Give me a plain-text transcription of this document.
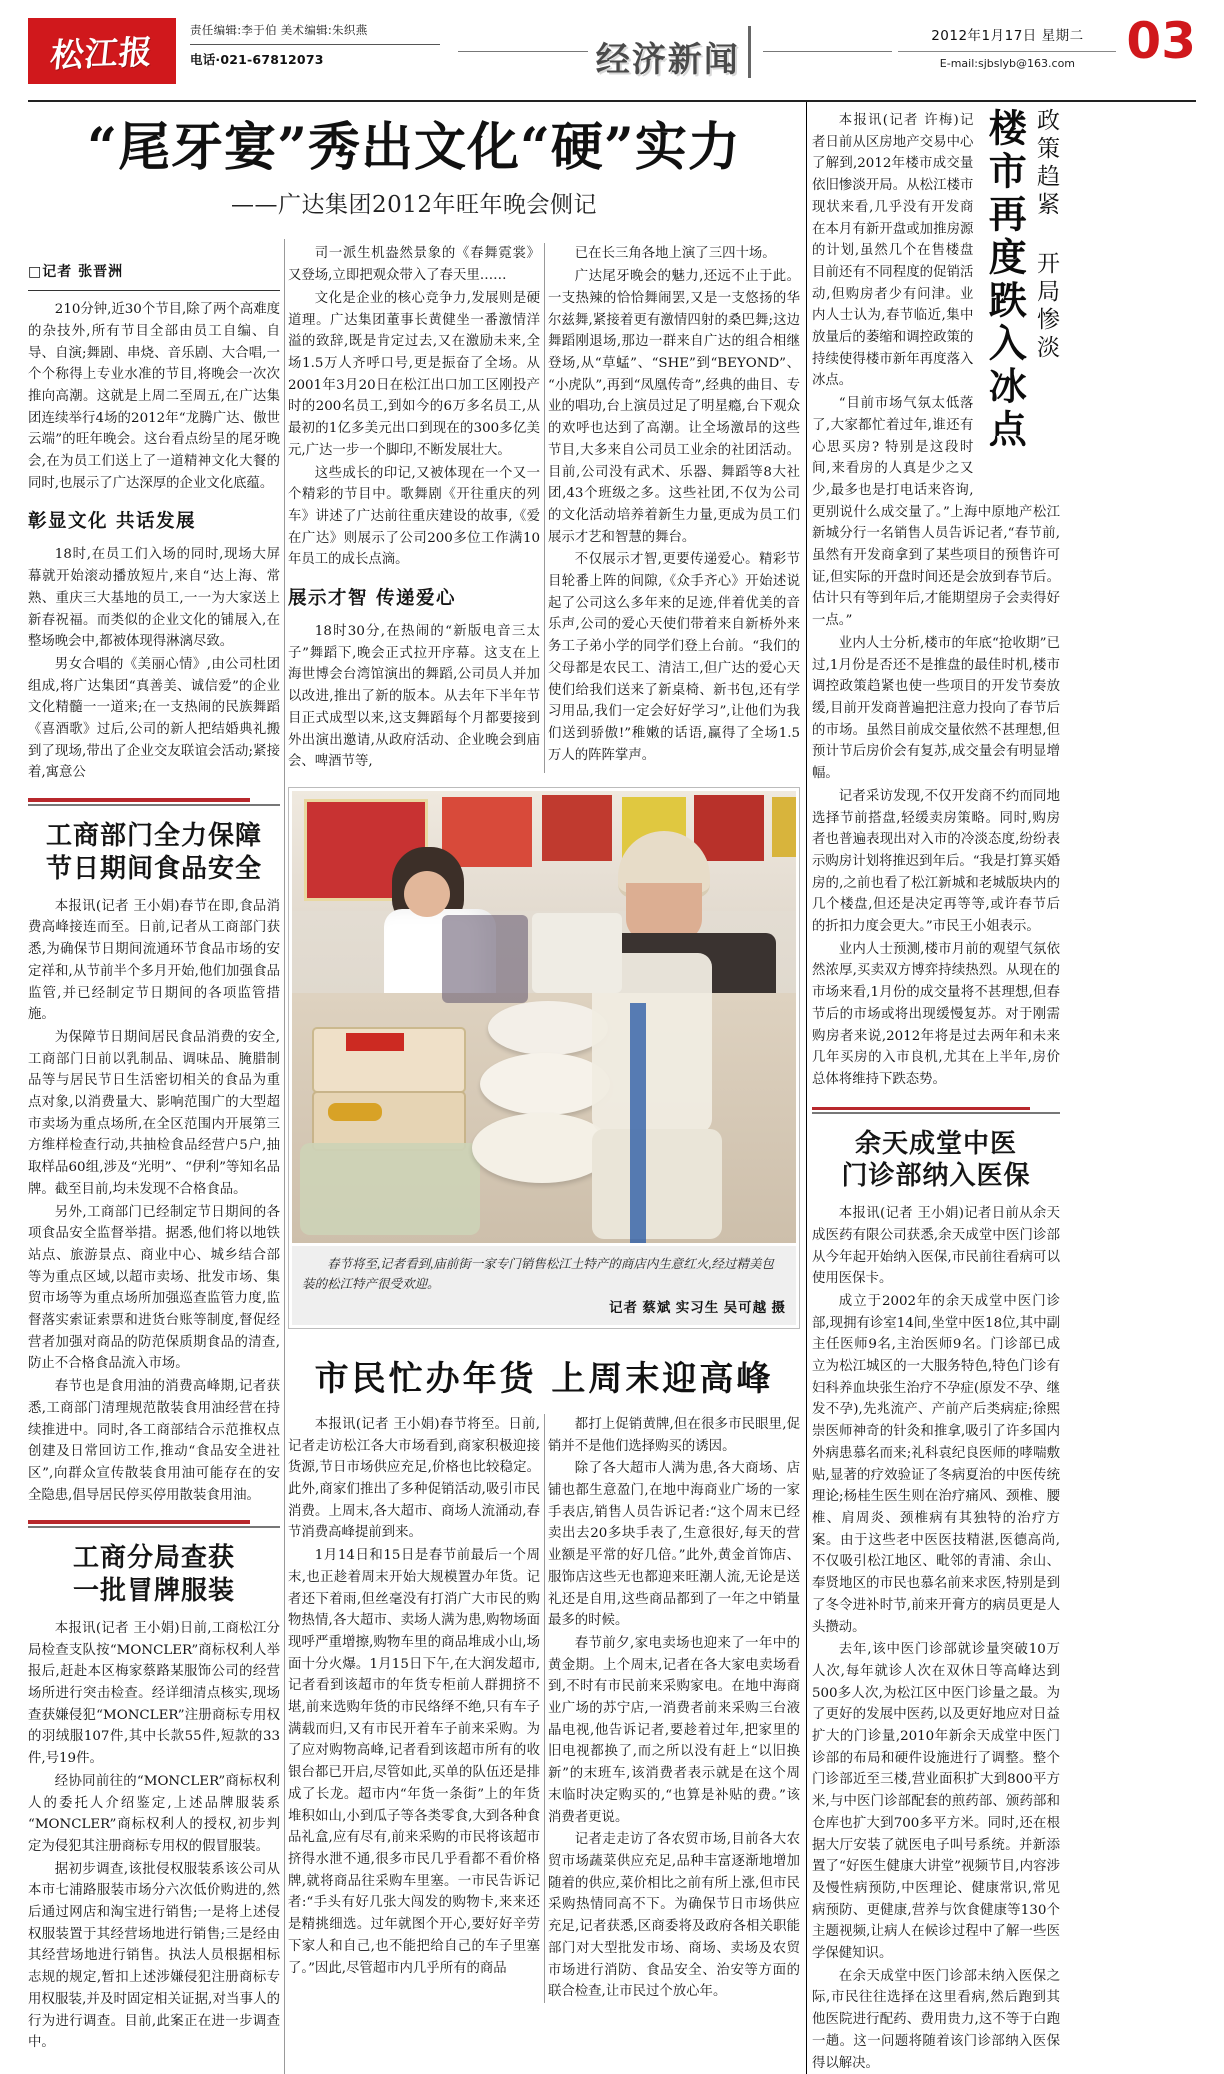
松江报
责任编辑:李于伯 美术编辑:朱织燕
电话·021-67812073	经济新闻
2012年1月17日 星期二
E-mail:sjbslyb@163.com	03
“尾牙宴”秀出文化“硬”实力
——广达集团2012年旺年晚会侧记	政策趋紧 开局惨淡
楼市再度跌入冰点

本报讯(记者 许梅)记者日前从区房地产交易中心了解到,2012年楼市成交量依旧惨淡开局。从松江楼市现状来看,几乎没有开发商在本月有新开盘或加推房源的计划,虽然几个在售楼盘目前还有不同程度的促销活动,但购房者少有问津。业内人士认为,春节临近,集中放量后的萎缩和调控政策的持续使得楼市新年再度落入冰点。

“目前市场气氛太低落了,大家都忙着过年,谁还有心思买房? 特别是这段时间,来看房的人真是少之又少,最多也是打电话来咨询,更别说什么成交量了。”上海中原地产松江新城分行一名销售人员告诉记者,“春节前,虽然有开发商拿到了某些项目的预售许可证,但实际的开盘时间还是会放到春节后。估计只有等到年后,才能期望房子会卖得好一点。”

业内人士分析,楼市的年底“抢收期”已过,1月份是否还不是推盘的最佳时机,楼市调控政策趋紧也使一些项目的开发节奏放缓,目前开发商普遍把注意力投向了春节后的市场。虽然目前成交量依然不甚理想,但预计节后房价会有复苏,成交量会有明显增幅。

记者采访发现,不仅开发商不约而同地选择节前搭盘,轻缓卖房策略。同时,购房者也普遍表现出对入市的冷淡态度,纷纷表示购房计划将推迟到年后。“我是打算买婚房的,之前也看了松江新城和老城版块内的几个楼盘,但还是决定再等等,或许春节后的折扣力度会更大。”市民王小姐表示。

业内人士预测,楼市月前的观望气氛依然浓厚,买卖双方博弈持续热烈。从现在的市场来看,1月份的成交量将不甚理想,但春节后的市场或将出现缓慢复苏。对于刚需购房者来说,2012年将是过去两年和未来几年买房的入市良机,尤其在上半年,房价总体将维持下跌态势。

余天成堂中医
门诊部纳入医保

本报讯(记者 王小娟)记者日前从余天成医药有限公司获悉,余天成堂中医门诊部从今年起开始纳入医保,市民前往看病可以使用医保卡。

成立于2002年的余天成堂中医门诊部,现拥有诊室14间,坐堂中医18位,其中副主任医师9名,主治医师9名。门诊部已成立为松江城区的一大服务特色,特色门诊有妇科养血块张生治疗不孕症(原发不孕、继发不孕),先兆流产、产前产后类病症;徐熙崇医师神奇的针灸和推拿,吸引了许多国内外病患慕名而来;礼科袁纪良医师的哮喘敷贴,显著的疗效验证了冬病夏治的中医传统理论;杨桂生医生则在治疗痛风、颈椎、腰椎、肩周炎、颈椎病有其独特的治疗方案。由于这些老中医医技精湛,医德高尚,不仅吸引松江地区、毗邻的青浦、余山、奉贤地区的市民也慕名前来求医,特别是到了冬令进补时节,前来开膏方的病员更是人头攒动。

去年,该中医门诊部就诊量突破10万人次,每年就诊人次在双休日等高峰达到500多人次,为松江区中医门诊量之最。为了更好的发展中医药,以及更好地应对日益扩大的门诊量,2010年新余天成堂中医门诊部的布局和硬件设施进行了调整。整个门诊部近至三楼,营业面积扩大到800平方米,与中医门诊部配套的煎药部、颁药部和仓库也扩大到700多平方米。同时,还在根据大厅安装了就医电子叫号系统。并新添置了“好医生健康大讲堂”视频节目,内容涉及慢性病预防,中医理论、健康常识,常见病预防、更健康,营养与饮食健康等130个主题视频,让病人在候诊过程中了解一些医学保健知识。

在余天成堂中医门诊部未纳入医保之际,市民往往选择在这里看病,然后跑到其他医院进行配药、费用贵力,这不等于白跑一趟。这一问题将随着该门诊部纳入医保得以解决。

□记者 张晋洲

210分钟,近30个节目,除了两个高难度的杂技外,所有节目全部由员工自编、自导、自演;舞剧、串烧、音乐剧、大合唱,一个个称得上专业水准的节目,将晚会一次次推向高潮。这就是上周二至周五,在广达集团连续举行4场的2012年“龙腾广达、傲世云端”的旺年晚会。这台看点纷呈的尾牙晚会,在为员工们送上了一道精神文化大餐的同时,也展示了广达深厚的企业文化底蕴。

彰显文化 共话发展

18时,在员工们入场的同时,现场大屏幕就开始滚动播放短片,来自“达上海、常熟、重庆三大基地的员工,一一为大家送上新春祝福。而类似的企业文化的铺展入,在整场晚会中,都被体现得淋漓尽致。

男女合唱的《美丽心情》,由公司杜团组成,将广达集团“真善美、诚信爱”的企业文化精髓一一道来;在一支热闹的民族舞蹈《喜酒歌》过后,公司的新人把结婚典礼搬到了现场,带出了企业交友联谊会活动;紧接着,寓意公

工商部门全力保障
节日期间食品安全

本报讯(记者 王小娟)春节在即,食品消费高峰接连而至。日前,记者从工商部门获悉,为确保节日期间流通环节食品市场的安定祥和,从节前半个多月开始,他们加强食品监管,并已经制定节日期间的各项监管措施。

为保障节日期间居民食品消费的安全,工商部门日前以乳制品、调味品、腌腊制品等与居民节日生活密切相关的食品为重点对象,以消费量大、影响范围广的大型超市卖场为重点场所,在全区范围内开展第三方维样检查行动,共抽检食品经营户5户,抽取样品60组,涉及“光明”、“伊利”等知名品牌。截至目前,均未发现不合格食品。

另外,工商部门已经制定节日期间的各项食品安全监督举措。据悉,他们将以地铁站点、旅游景点、商业中心、城乡结合部等为重点区域,以超市卖场、批发市场、集贸市场等为重点场所加强巡查监管力度,监督落实索证索票和进货台账等制度,督促经营者加强对商品的防范保质期食品的清查,防止不合格食品流入市场。

春节也是食用油的消费高峰期,记者获悉,工商部门清理规范散装食用油经营在持续推进中。同时,各工商部结合示范推权点创建及日常回访工作,推动“食品安全进社区”,向群众宣传散装食用油可能存在的安全隐患,倡导居民停买停用散装食用油。

工商分局查获
一批冒牌服装

本报讯(记者 王小娟)日前,工商松江分局检查支队按“MONCLER”商标权利人举报后,赶赴本区梅家蔡路某服饰公司的经营场所进行突击检查。经详细清点核实,现场查获嫌侵犯“MONCLER”注册商标专用权的羽绒服107件,其中长款55件,短款的33件,号19件。

经协同前往的“MONCLER”商标权利人的委托人介绍鉴定,上述品牌服装系“MONCLER”商标权利人的授权,初步判定为侵犯其注册商标专用权的假冒服装。

据初步调查,该批侵权服装系该公司从本市七浦路服装市场分六次低价购进的,然后通过网店和淘宝进行销售;一是将上述侵权服装置于其经营场地进行销售;三是经由其经营场地进行销售。执法人员根据相标志规的规定,暂扣上述涉嫌侵犯注册商标专用权服装,并及时固定相关证据,对当事人的行为进行调查。目前,此案正在进一步调查中。

司一派生机盎然景象的《春舞霓裳》又登场,立即把观众带入了春天里……

文化是企业的核心竞争力,发展则是硬道理。广达集团董事长黄健坐一番激情洋溢的致辞,既是肯定过去,又在激励未来,全场1.5万人齐呼口号,更是振奋了全场。从2001年3月20日在松江出口加工区刚投产时的200名员工,到如今的6万多名员工,从最初的1亿多美元出口到现在的300多亿美元,广达一步一个脚印,不断发展壮大。

这些成长的印记,又被体现在一个又一个精彩的节目中。歌舞剧《开往重庆的列车》讲述了广达前往重庆建设的故事,《爱在广达》则展示了公司200多位工作满10年员工的成长点滴。

展示才智 传递爱心

18时30分,在热闹的“新版电音三太子”舞蹈下,晚会正式拉开序幕。这支在上海世博会台湾馆演出的舞蹈,公司员人并加以改进,推出了新的版本。从去年下半年节目正式成型以来,这支舞蹈每个月都要接到外出演出邀请,从政府活动、企业晚会到庙会、啤酒节等,

已在长三角各地上演了三四十场。

广达尾牙晚会的魅力,还远不止于此。一支热辣的恰恰舞闹罢,又是一支悠扬的华尔兹舞,紧接着更有激情四射的桑巴舞;这边舞蹈刚退场,那边一群来自广达的组合相继登场,从“草蜢”、“SHE”到“BEYOND”、“小虎队”,再到“凤凰传奇”,经典的曲目、专业的唱功,台上演员过足了明星瘾,台下观众的欢呼也达到了高潮。让全场激昂的这些节目,大多来自公司员工业余的社团活动。目前,公司没有武术、乐器、舞蹈等8大社团,43个班级之多。这些社团,不仅为公司的文化活动培养着新生力量,更成为员工们展示才艺和智慧的舞台。

不仅展示才智,更要传递爱心。精彩节目轮番上阵的间隙,《众手齐心》开始述说起了公司这么多年来的足迹,伴着优美的音乐声,公司的爱心天使们带着来自新桥外来务工子弟小学的同学们登上台前。“我们的父母都是农民工、清洁工,但广达的爱心天使们给我们送来了新桌椅、新书包,还有学习用品,我们一定会好好学习”,让他们为我们送到骄傲!”稚嫩的话语,赢得了全场1.5万人的阵阵掌声。

春节将至,记者看到,庙前街一家专门销售松江土特产的商店内生意红火,经过精美包装的松江特产很受欢迎。
记者 蔡斌 实习生 吴可越 摄
市民忙办年货 上周末迎高峰

本报讯(记者 王小娟)春节将至。日前,记者走访松江各大市场看到,商家积极迎接货源,节日市场供应充足,价格也比较稳定。此外,商家们推出了多种促销活动,吸引市民消费。上周末,各大超市、商场人流涌动,春节消费高峰提前到来。

1月14日和15日是春节前最后一个周末,也正趁着周末开始大规模置办年货。记者还下着雨,但丝毫没有打消广大市民的购物热情,各大超市、卖场人满为患,购物场面现呼严重增擦,购物车里的商品堆成小山,场面十分火爆。1月15日下午,在大润发超市,记者看到该超市的年货专柜前人群拥挤不堪,前来选购年货的市民络绎不绝,只有车子满载而归,又有市民开着车子前来采购。为了应对购物高峰,记者看到该超市所有的收银台都已开启,尽管如此,买单的队伍还是排成了长龙。超市内“年货一条街”上的年货堆积如山,小到瓜子等各类零食,大到各种食品礼盒,应有尽有,前来采购的市民将该超市挤得水泄不通,很多市民几乎看都不看价格牌,就将商品往采购车里塞。一市民告诉记者:“手头有好几张大闯发的购物卡,来来还是精挑细选。过年就图个开心,要好好辛劳下家人和自己,也不能把给自己的车子里塞了。”因此,尽管超市内几乎所有的商品

都打上促销黄牌,但在很多市民眼里,促销并不是他们选择购买的诱因。

除了各大超市人满为患,各大商场、店铺也都生意盈门,在地中海商业广场的一家手表店,销售人员告诉记者:“这个周末已经卖出去20多块手表了,生意很好,每天的营业额是平常的好几倍。”此外,黄金首饰店、服饰店这些无也都迎来旺潮人流,无论是送礼还是自用,这些商品都到了一年之中销量最多的时候。

春节前夕,家电卖场也迎来了一年中的黄金期。上个周末,记者在各大家电卖场看到,不时有市民前来采购家电。在地中海商业广场的苏宁店,一消费者前来采购三台液晶电视,他告诉记者,要趁着过年,把家里的旧电视都换了,而之所以没有赶上“以旧换新”的末班车,该消费者表示就是在这个周末临时决定购买的,“也算是补贴的费。”该消费者更说。

记者走走访了各农贸市场,目前各大农贸市场蔬菜供应充足,品种丰富逐渐地增加随着的供应,菜价相比之前有所上涨,但市民采购热情同高不下。为确保节日市场供应充足,记者获悉,区商委将及政府各相关职能部门对大型批发市场、商场、卖场及农贸市场进行消防、食品安全、治安等方面的联合检查,让市民过个放心年。
